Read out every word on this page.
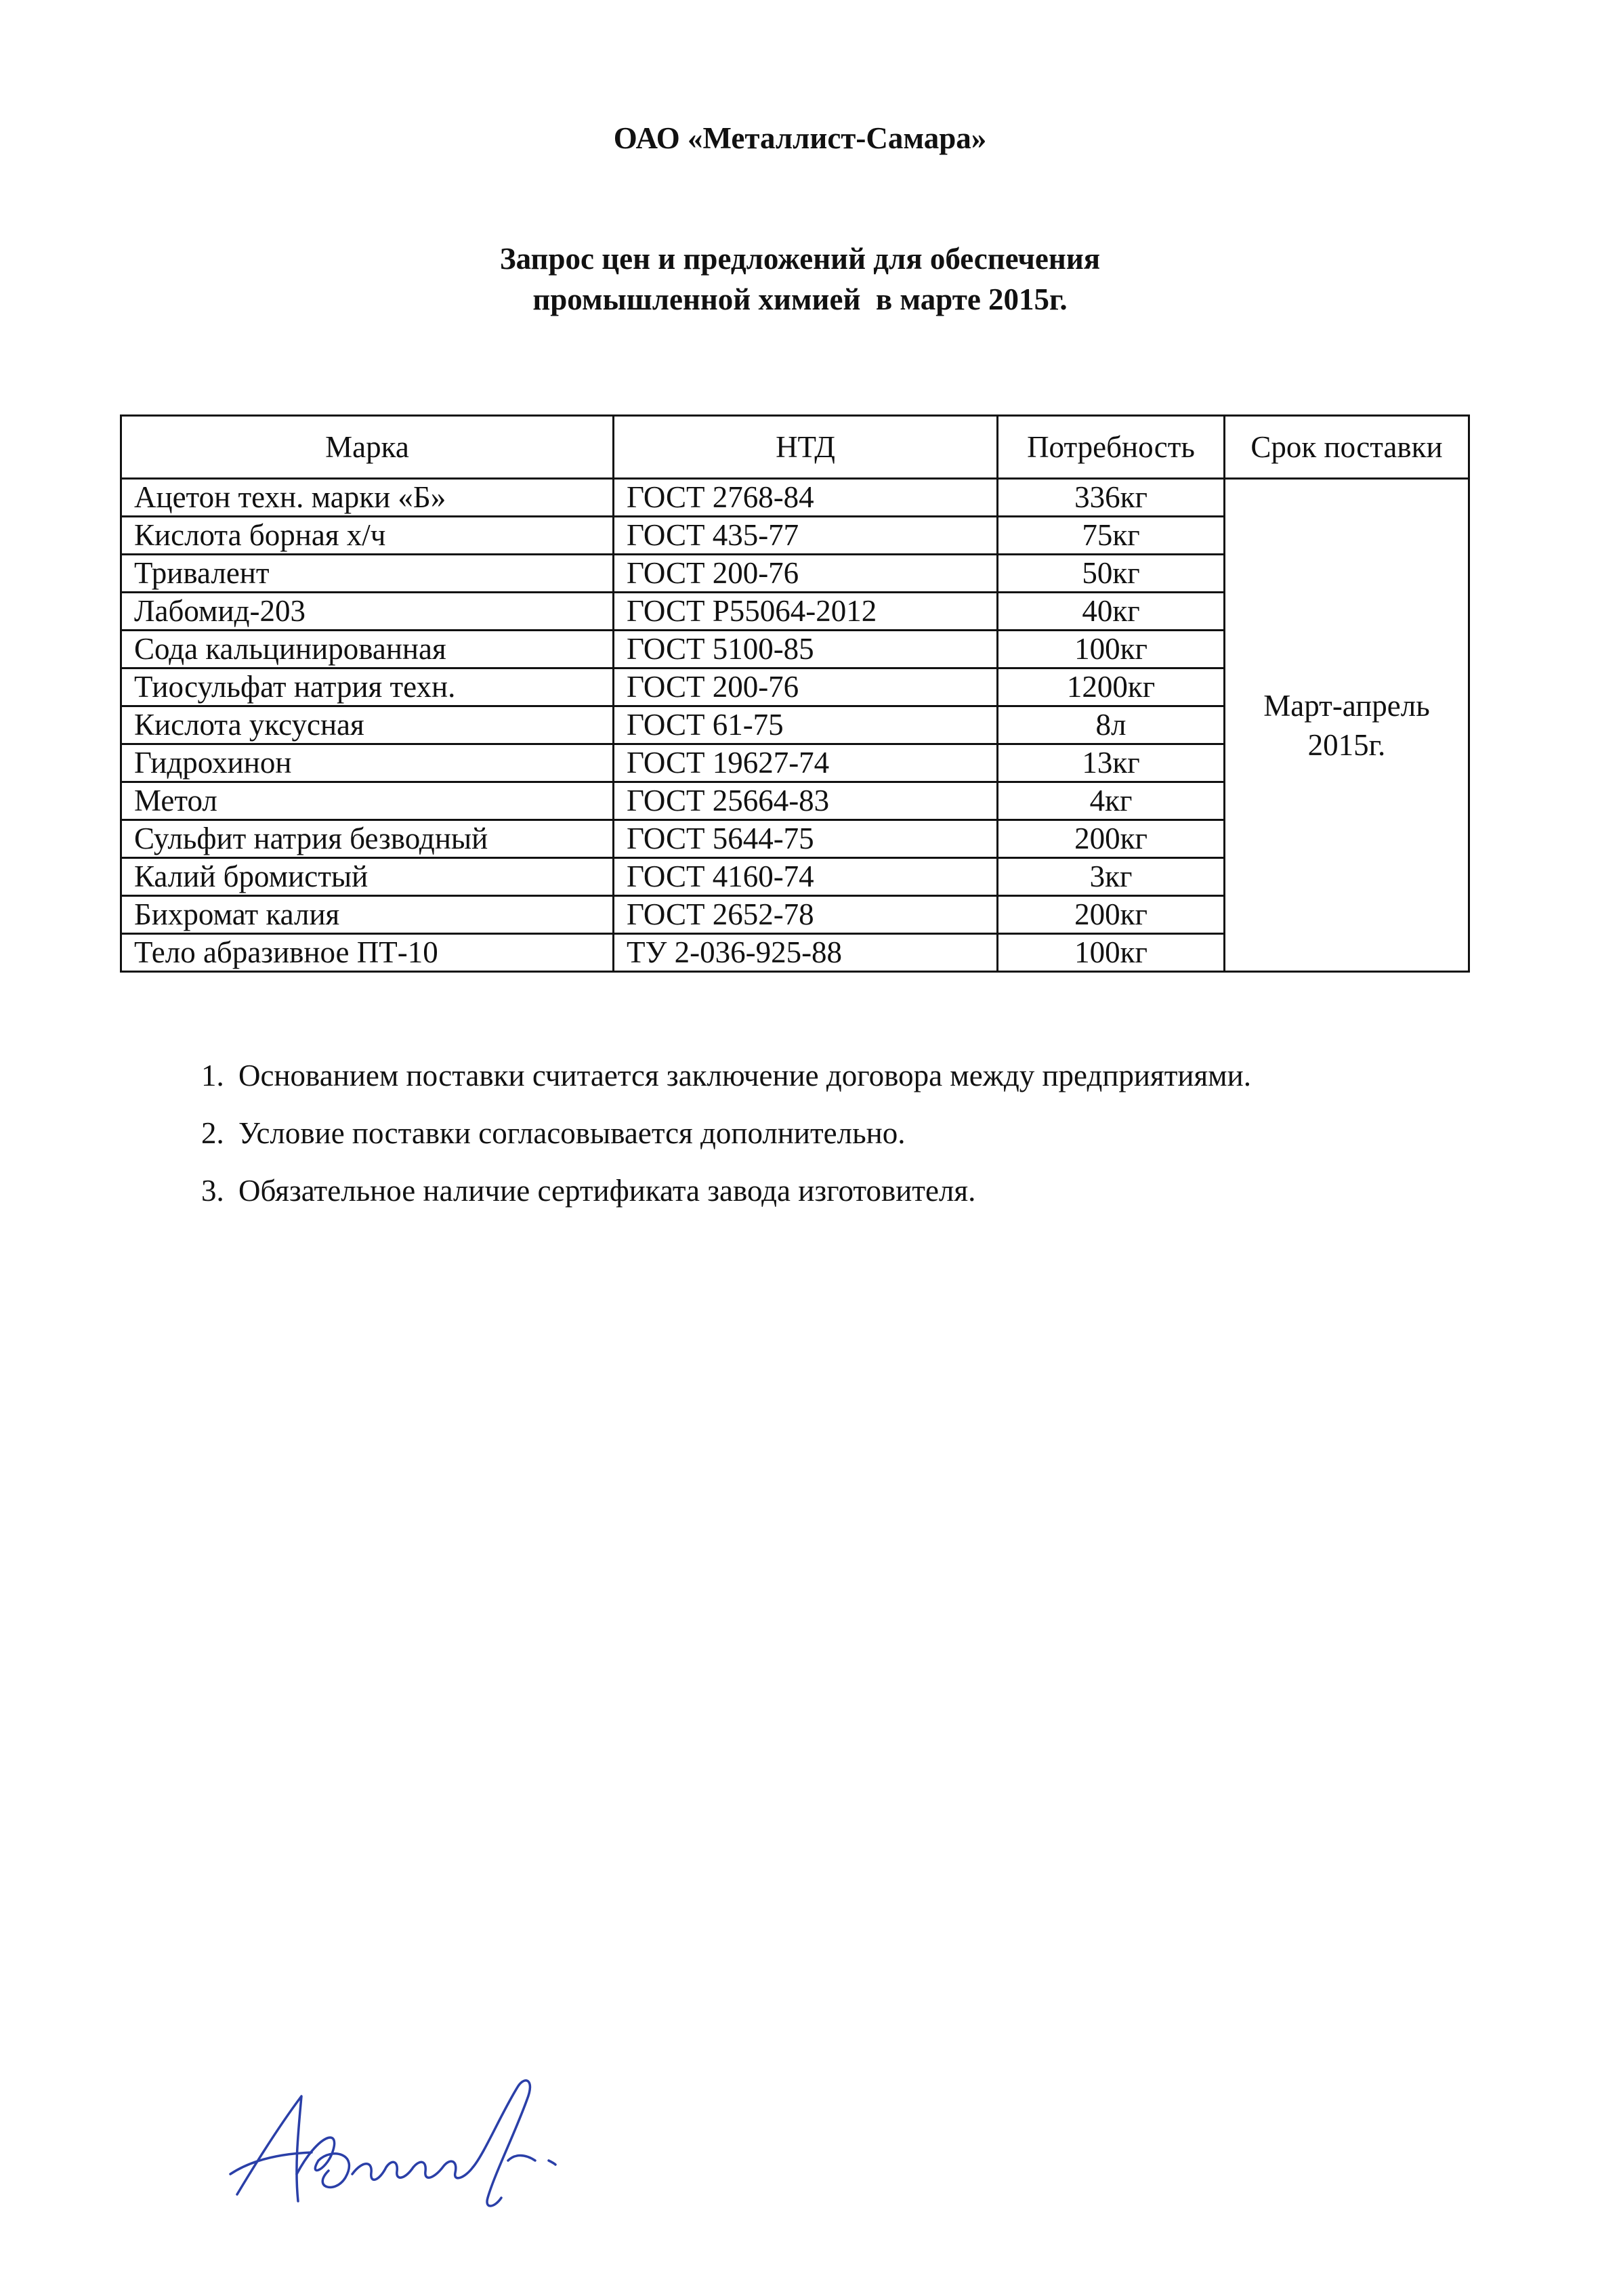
ОАО «Металлист-Самара»
Запрос цен и предложений для обеспечения
промышленной химией  в марте 2015г.
Марка	НТД	Потребность	Срок поставки
Ацетон техн. марки «Б»	ГОСТ 2768-84	336кг	Март-апрель
2015г.
Кислота борная х/ч	ГОСТ 435-77	75кг	
Тривалент	ГОСТ 200-76	50кг	
Лабомид-203	ГОСТ Р55064-2012	40кг	
Сода кальцинированная	ГОСТ 5100-85	100кг	
Тиосульфат натрия техн.	ГОСТ 200-76	1200кг	
Кислота уксусная	ГОСТ 61-75	8л	
Гидрохинон	ГОСТ 19627-74	13кг	
Метол	ГОСТ 25664-83	4кг	
Сульфит натрия безводный	ГОСТ 5644-75	200кг	
Калий бромистый	ГОСТ 4160-74	3кг	
Бихромат калия	ГОСТ 2652-78	200кг	
Тело абразивное ПТ-10	ТУ 2-036-925-88	100кг	
1. Основанием поставки считается заключение договора между предприятиями.
2. Условие поставки согласовывается дополнительно.
3. Обязательное наличие сертификата завода изготовителя.
